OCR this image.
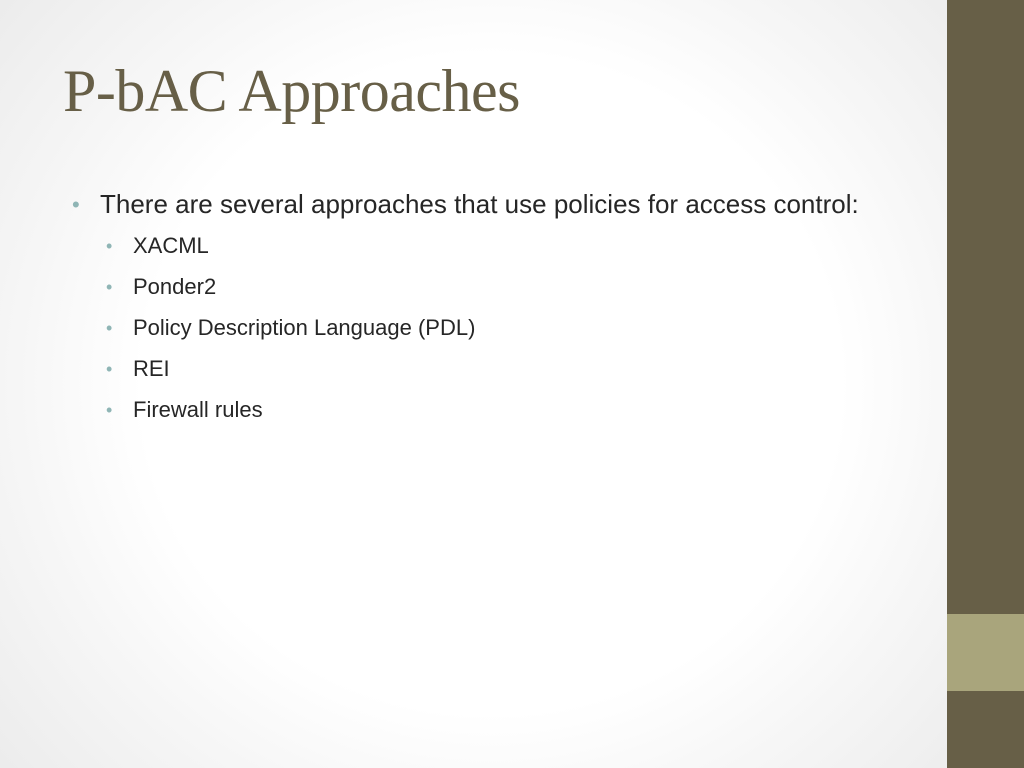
P-bAC Approaches
• There are several approaches that use policies for access control:
• XACML
• Ponder2
• Policy Description Language (PDL)
• REI
• Firewall rules
